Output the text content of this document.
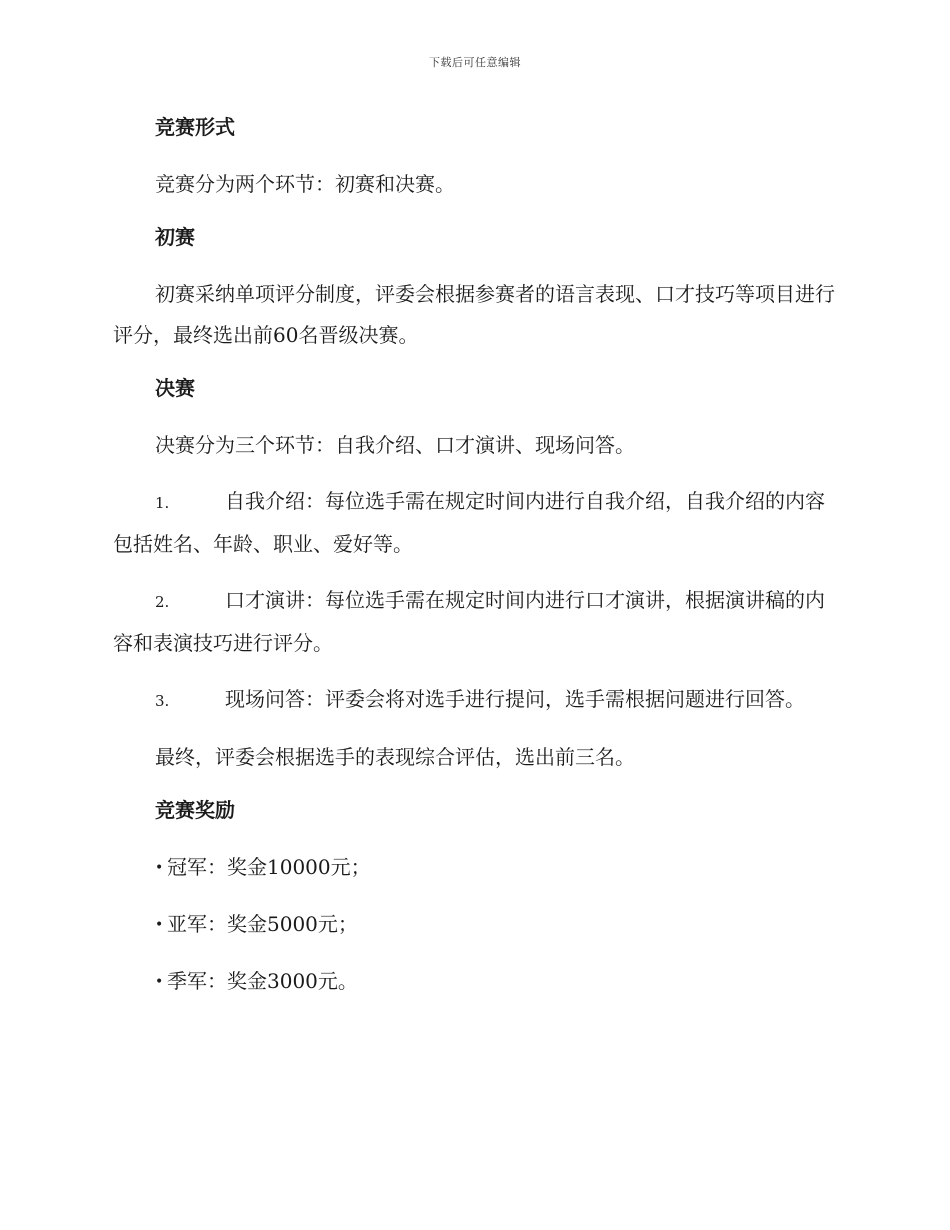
下载后可任意编辑
竞赛形式

竞赛分为两个环节：初赛和决赛。

初赛

初赛采纳单项评分制度，评委会根据参赛者的语言表现、口才技巧等项目进行评分，最终选出前60名晋级决赛。

决赛

决赛分为三个环节：自我介绍、口才演讲、现场问答。

1.	自我介绍：每位选手需在规定时间内进行自我介绍，自我介绍的内容包括姓名、年龄、职业、爱好等。

2.	口才演讲：每位选手需在规定时间内进行口才演讲，根据演讲稿的内容和表演技巧进行评分。

3.	现场问答：评委会将对选手进行提问，选手需根据问题进行回答。

最终，评委会根据选手的表现综合评估，选出前三名。

竞赛奖励

• 冠军：奖金10000元；

• 亚军：奖金5000元；

• 季军：奖金3000元。
